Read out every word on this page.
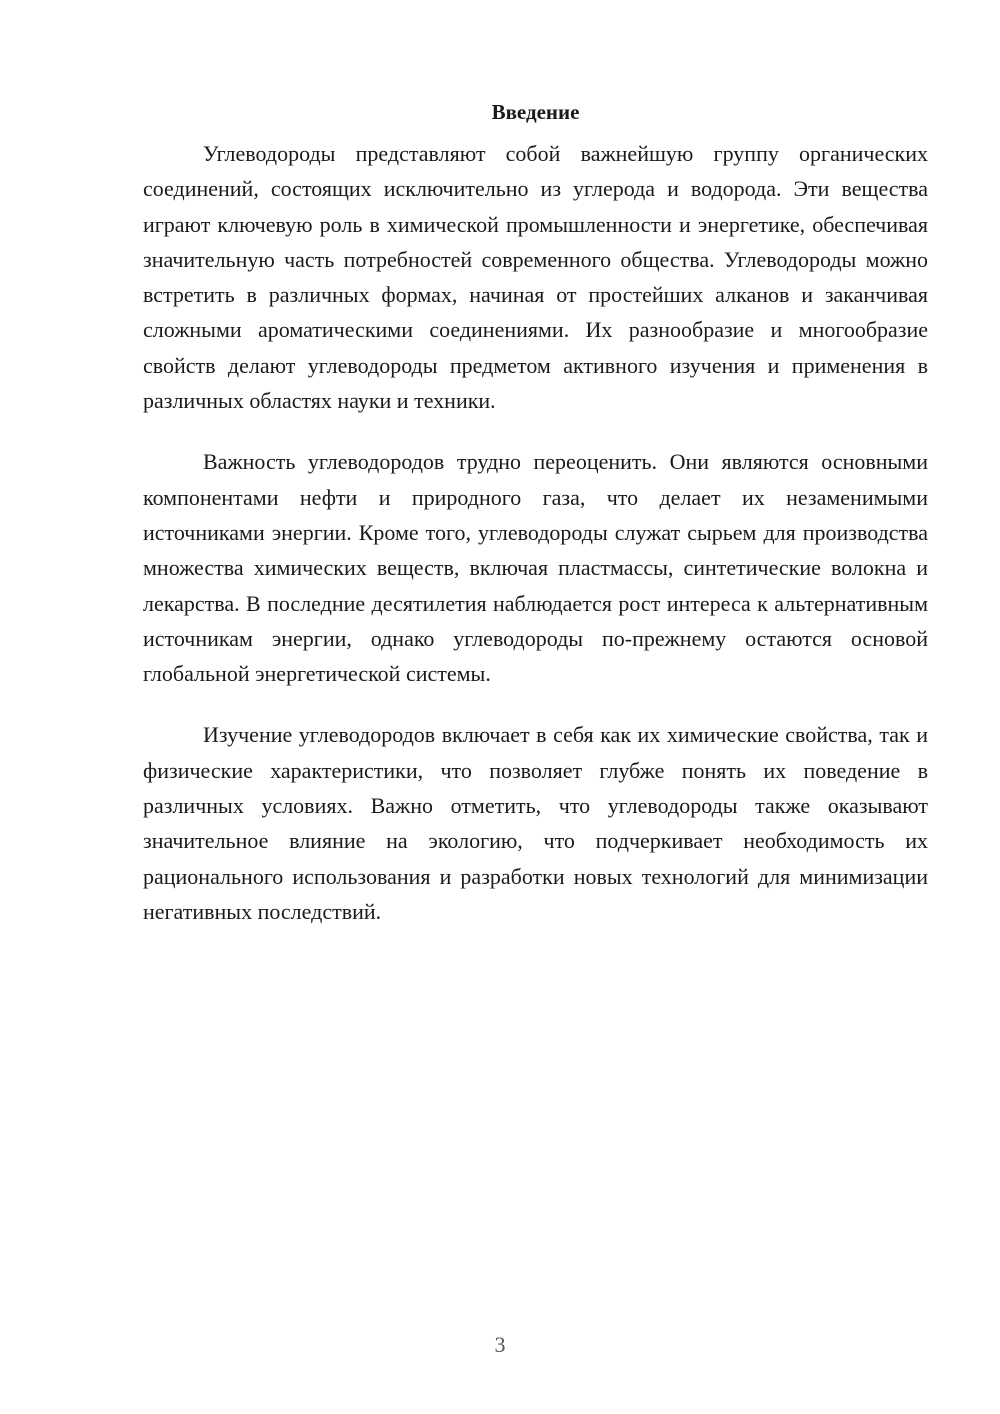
Введение

Углеводороды представляют собой важнейшую группу органических соединений, состоящих исключительно из углерода и водорода. Эти вещества играют ключевую роль в химической промышленности и энергетике, обеспечивая значительную часть потребностей современного общества. Углеводороды можно встретить в различных формах, начиная от простейших алканов и заканчивая сложными ароматическими соединениями. Их разнообразие и многообразие свойств делают углеводороды предметом активного изучения и применения в различных областях науки и техники.

Важность углеводородов трудно переоценить. Они являются основными компонентами нефти и природного газа, что делает их незаменимыми источниками энергии. Кроме того, углеводороды служат сырьем для производства множества химических веществ, включая пластмассы, синтетические волокна и лекарства. В последние десятилетия наблюдается рост интереса к альтернативным источникам энергии, однако углеводороды по-прежнему остаются основой глобальной энергетической системы.

Изучение углеводородов включает в себя как их химические свойства, так и физические характеристики, что позволяет глубже понять их поведение в различных условиях. Важно отметить, что углеводороды также оказывают значительное влияние на экологию, что подчеркивает необходимость их рационального использования и разработки новых технологий для минимизации негативных последствий.

3
